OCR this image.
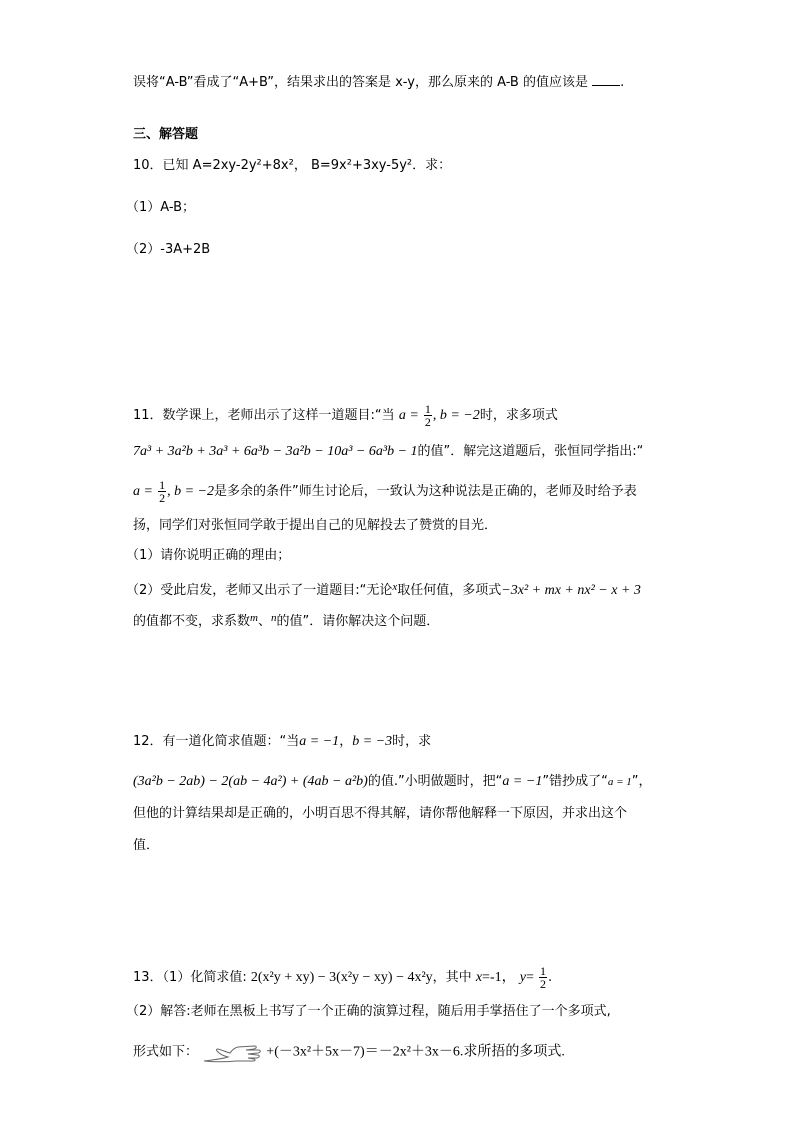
误将“A-B”看成了“A+B”，结果求出的答案是 x-y，那么原来的 A-B 的值应该是 .
三、解答题
10．已知 A=2xy-2y²+8x²， B=9x²+3xy-5y²．求：
（1）A-B；
（2）-3A+2B
11．数学课上，老师出示了这样一道题目:“当 $a = \frac{1}{2}$ , b = −2时，求多项式
7a³ + 3a²b + 3a³ + 6a³b − 3a²b − 10a³ − 6a³b − 1的值”．解完这道题后，张恒同学指出:“
$a = \frac{1}{2}$ , b = −2是多余的条件”师生讨论后，一致认为这种说法是正确的，老师及时给予表
扬，同学们对张恒同学敢于提出自己的见解投去了赞赏的目光．
（1）请你说明正确的理由；
（2）受此启发，老师又出示了一道题目:“无论$^x$取任何值，多项式−3x² + mx + nx² − x + 3
的值都不变，求系数$^m$、$^n$的值”．请你解决这个问题．
12．有一道化简求值题：“当a = −1，b = −3时，求
(3a²b − 2ab) − 2(ab − 4a²) + (4ab − a²b)的值.”小明做题时，把“a = −1”错抄成了“a = 1”，
但他的计算结果却是正确的，小明百思不得其解，请你帮他解释一下原因，并求出这个
值．
13．（1）化简求值: 2(x²y + xy) − 3(x²y − xy) − 4x²y，其中 x=-1， $y= \frac{1}{2}$ .
（2）解答:老师在黑板上书写了一个正确的演算过程，随后用手掌捂住了一个多项式,
形式如下：	+(－3x²＋5x－7)＝－2x²＋3x－6.求所捂的多项式.
